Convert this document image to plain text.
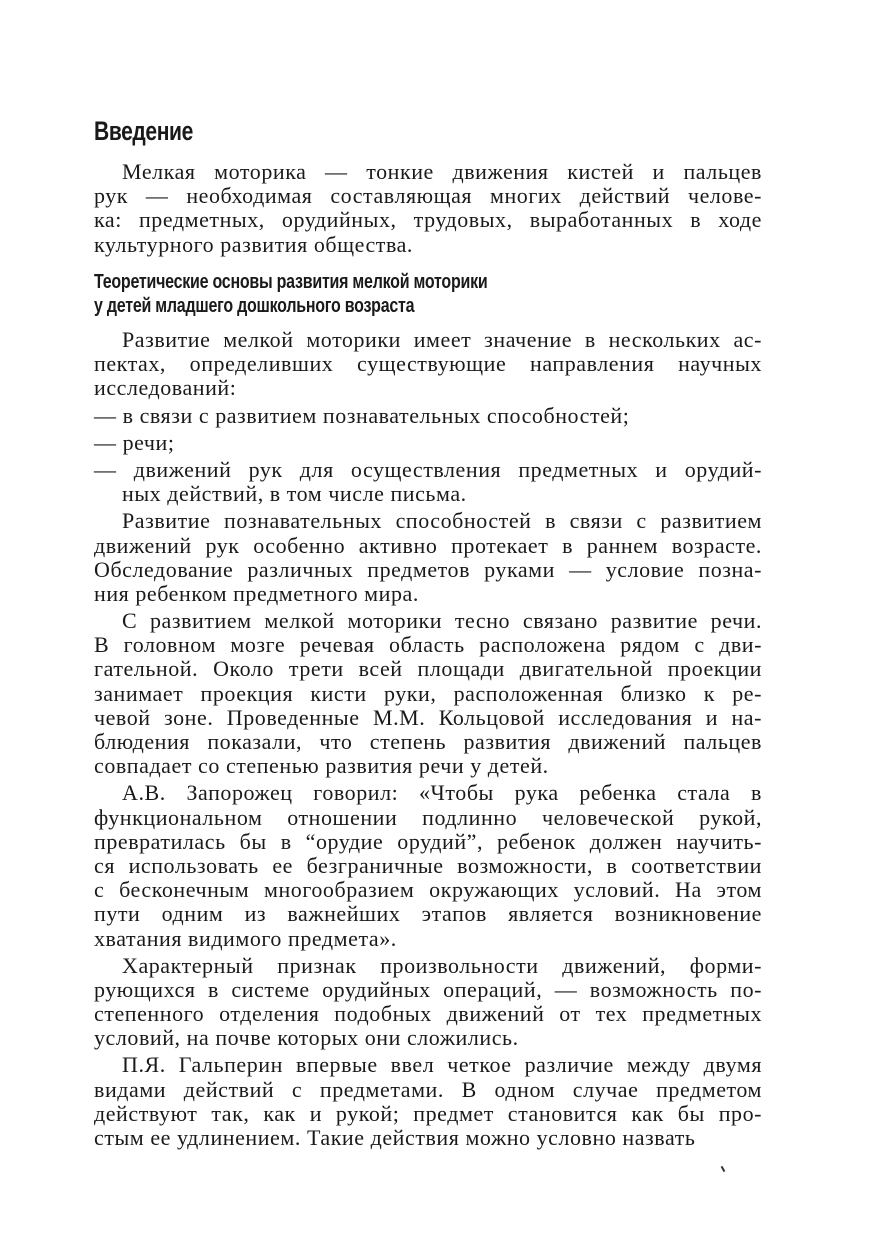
Введение
Мелкая моторика — тонкие движения кистей и пальцев
рук — необходимая составляющая многих действий челове-
ка: предметных, орудийных, трудовых, выработанных в ходе
культурного развития общества.
Теоретические основы развития мелкой моторики
у детей младшего дошкольного возраста
Развитие мелкой моторики имеет значение в нескольких ас-
пектах, определивших существующие направления научных
исследований:
— в связи с развитием познавательных способностей;
— речи;
— движений рук для осуществления предметных и орудий-
ных действий, в том числе письма.
Развитие познавательных способностей в связи с развитием
движений рук особенно активно протекает в раннем возрасте.
Обследование различных предметов руками — условие позна-
ния ребенком предметного мира.
С развитием мелкой моторики тесно связано развитие речи.
В головном мозге речевая область расположена рядом с дви-
гательной. Около трети всей площади двигательной проекции
занимает проекция кисти руки, расположенная близко к ре-
чевой зоне. Проведенные М.М. Кольцовой исследования и на-
блюдения показали, что степень развития движений пальцев
совпадает со степенью развития речи у детей.
А.В. Запорожец говорил: «Чтобы рука ребенка стала в
функциональном отношении подлинно человеческой рукой,
превратилась бы в “орудие орудий”, ребенок должен научить-
ся использовать ее безграничные возможности, в соответствии
с бесконечным многообразием окружающих условий. На этом
пути одним из важнейших этапов является возникновение
хватания видимого предмета».
Характерный признак произвольности движений, форми-
рующихся в системе орудийных операций, — возможность по-
степенного отделения подобных движений от тех предметных
условий, на почве которых они сложились.
П.Я. Гальперин впервые ввел четкое различие между двумя
видами действий с предметами. В одном случае предметом
действуют так, как и рукой; предмет становится как бы про-
стым ее удлинением. Такие действия можно условно назвать
